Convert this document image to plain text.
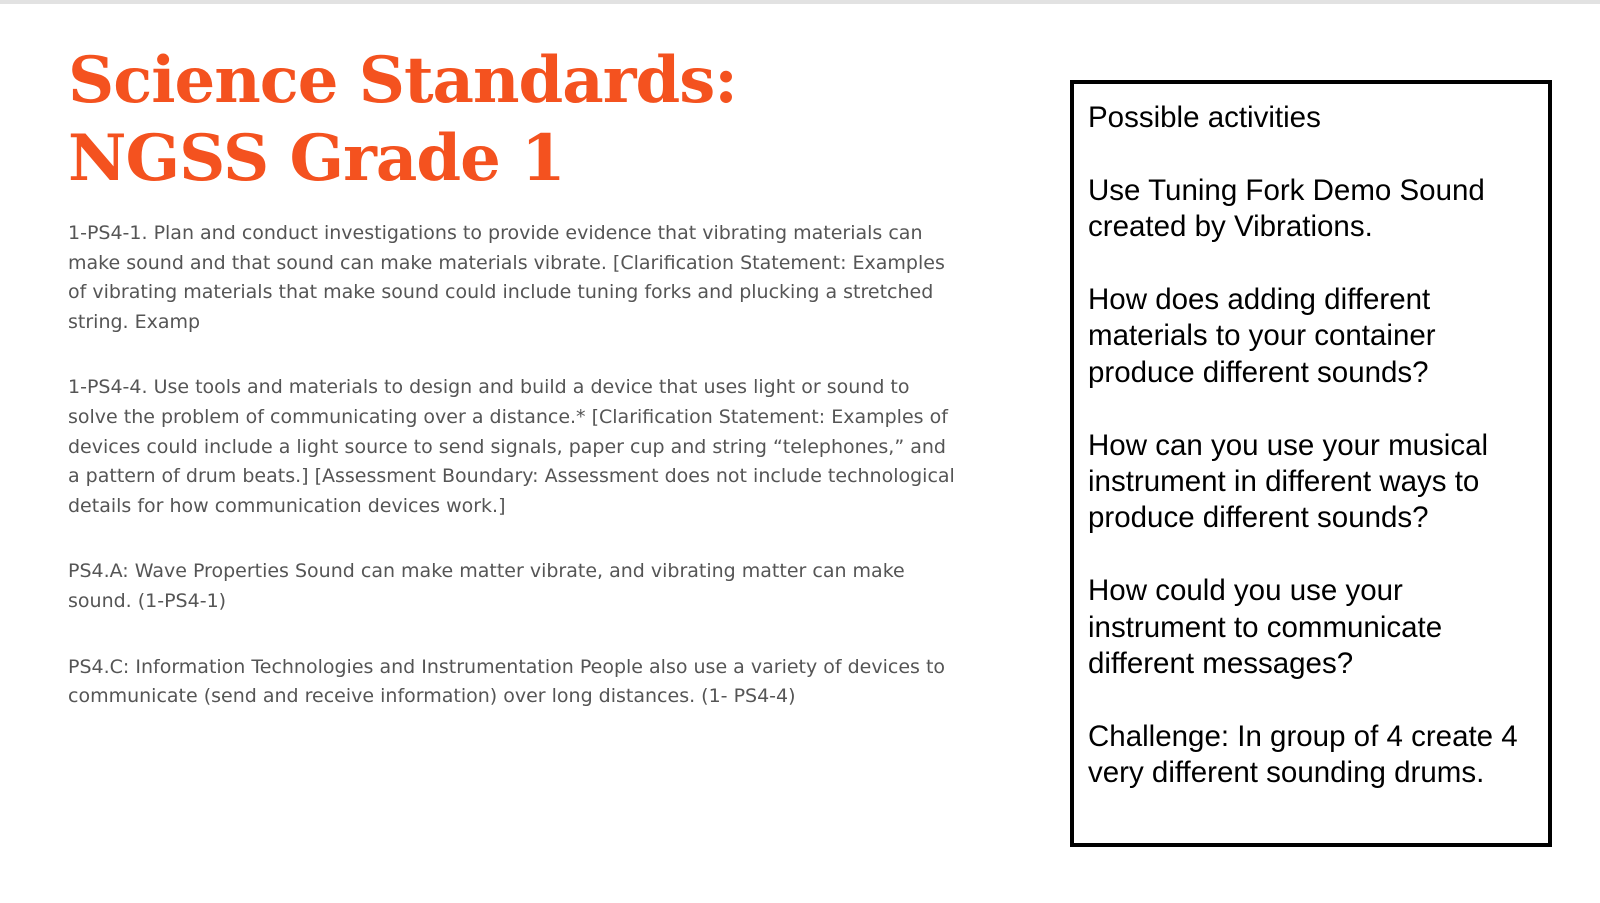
Science Standards:
NGSS Grade 1

1-PS4-1. Plan and conduct investigations to provide evidence that vibrating materials can make sound and that sound can make materials vibrate. [Clarification Statement: Examples of vibrating materials that make sound could include tuning forks and plucking a stretched string. Examp

1-PS4-4. Use tools and materials to design and build a device that uses light or sound to solve the problem of communicating over a distance.* [Clarification Statement: Examples of devices could include a light source to send signals, paper cup and string “telephones,” and a pattern of drum beats.] [Assessment Boundary: Assessment does not include technological details for how communication devices work.]

PS4.A: Wave Properties Sound can make matter vibrate, and vibrating matter can make sound. (1-PS4-1)

PS4.C: Information Technologies and Instrumentation People also use a variety of devices to communicate (send and receive information) over long distances. (1- PS4-4)

Possible activities

Use Tuning Fork Demo Sound created by Vibrations.

How does adding different materials to your container produce different sounds?

How can you use your musical instrument in different ways to produce different sounds?

How could you use your instrument to communicate different messages?

Challenge: In group of 4 create 4 very different sounding drums.
